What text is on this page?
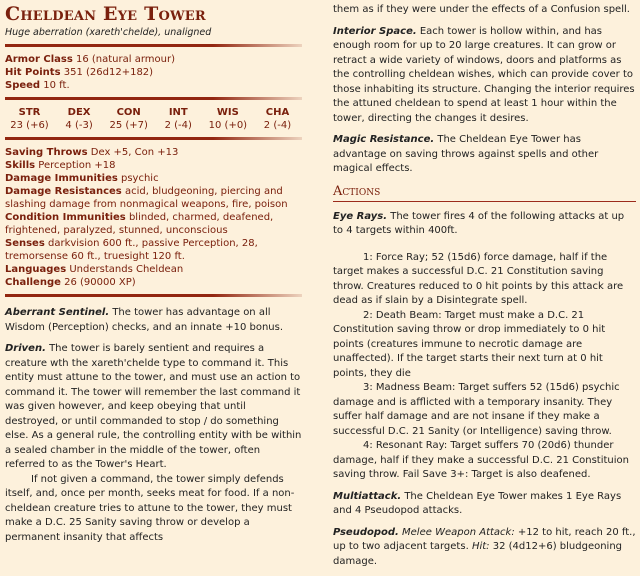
Cheldean Eye Tower
Huge aberration (xareth'chelde), unaligned
Armor Class 16 (natural armour)
Hit Points 351 (26d12+182)
Speed 10 ft.
STR
23 (+6)
DEX
4 (-3)
CON
25 (+7)
INT
2 (-4)
WIS
10 (+0)
CHA
2 (-4)
Saving Throws Dex +5, Con +13
Skills Perception +18
Damage Immunities psychic
Damage Resistances acid, bludgeoning, piercing and slashing damage from nonmagical weapons, fire, poison
Condition Immunities blinded, charmed, deafened, frightened, paralyzed, stunned, unconscious
Senses darkvision 600 ft., passive Perception, 28, tremorsense 60 ft., truesight 120 ft.
Languages Understands Cheldean
Challenge 26 (90000 XP)

Aberrant Sentinel. The tower has advantage on all Wisdom (Perception) checks, and an innate +10 bonus.

Driven. The tower is barely sentient and requires a creature wth the xareth'chelde type to command it. This entity must attune to the tower, and must use an action to command it. The tower will remember the last command it was given however, and keep obeying that until destroyed, or until commanded to stop / do something else. As a general rule, the controlling entity with be within a sealed chamber in the middle of the tower, often referred to as the Tower's Heart.

If not given a command, the tower simply defends itself, and, once per month, seeks meat for food. If a non-cheldean creature tries to attune to the tower, they must make a D.C. 25 Sanity saving throw or develop a permanent insanity that affects

them as if they were under the effects of a Confusion spell.

Interior Space. Each tower is hollow within, and has enough room for up to 20 large creatures. It can grow or retract a wide variety of windows, doors and platforms as the controlling cheldean wishes, which can provide cover to those inhabiting its structure. Changing the interior requires the attuned cheldean to spend at least 1 hour within the tower, directing the changes it desires.

Magic Resistance. The Cheldean Eye Tower has advantage on saving throws against spells and other magical effects.

Actions

Eye Rays. The tower fires 4 of the following attacks at up to 4 targets within 400ft.

1: Force Ray; 52 (15d6) force damage, half if the target makes a successful D.C. 21 Constitution saving throw. Creatures reduced to 0 hit points by this attack are dead as if slain by a Disintegrate spell.

2: Death Beam: Target must make a D.C. 21 Constitution saving throw or drop immediately to 0 hit points (creatures immune to necrotic damage are unaffected). If the target starts their next turn at 0 hit points, they die

3: Madness Beam: Target suffers 52 (15d6) psychic damage and is afflicted with a temporary insanity. They suffer half damage and are not insane if they make a successful D.C. 21 Sanity (or Intelligence) saving throw.

4: Resonant Ray: Target suffers 70 (20d6) thunder damage, half if they make a successful D.C. 21 Constituion saving throw. Fail Save 3+: Target is also deafened.

Multiattack. The Cheldean Eye Tower makes 1 Eye Rays and 4 Pseudopod attacks.

Pseudopod. Melee Weapon Attack: +12 to hit, reach 20 ft., up to two adjacent targets. Hit: 32 (4d12+6) bludgeoning damage.
